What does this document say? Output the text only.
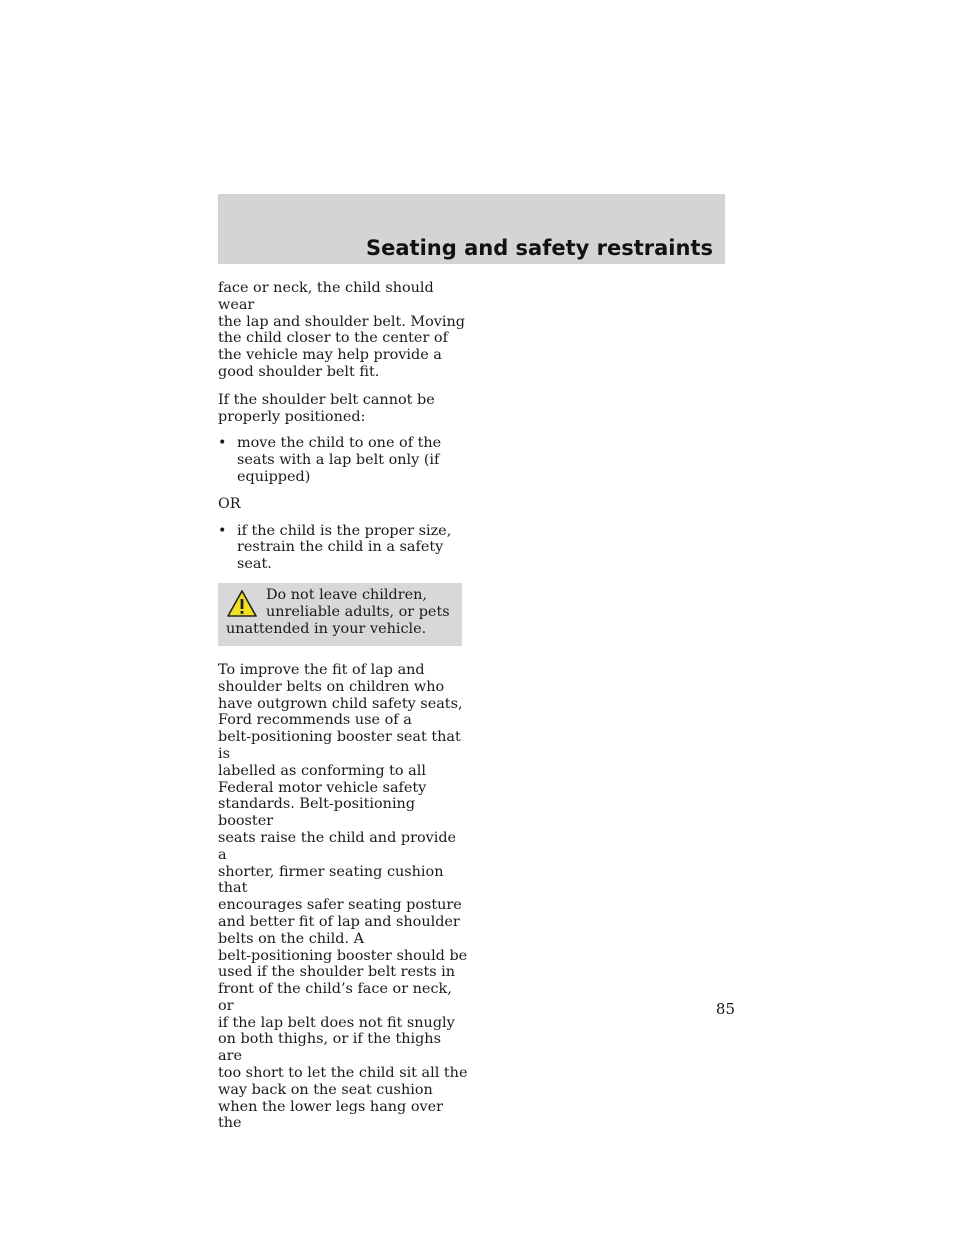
Seating and safety restraints

face or neck, the child should wear
the lap and shoulder belt. Moving
the child closer to the center of
the vehicle may help provide a
good shoulder belt fit.

If the shoulder belt cannot be
properly positioned:

• move the child to one of the
seats with a lap belt only (if
equipped)

OR

• if the child is the proper size,
restrain the child in a safety
seat.
Do not leave children,
unreliable adults, or pets
unattended in your vehicle.

To improve the fit of lap and
shoulder belts on children who
have outgrown child safety seats,
Ford recommends use of a
belt-positioning booster seat that is
labelled as conforming to all
Federal motor vehicle safety
standards. Belt-positioning booster
seats raise the child and provide a
shorter, firmer seating cushion that
encourages safer seating posture
and better fit of lap and shoulder
belts on the child. A
belt-positioning booster should be
used if the shoulder belt rests in
front of the child’s face or neck, or
if the lap belt does not fit snugly
on both thighs, or if the thighs are
too short to let the child sit all the
way back on the seat cushion
when the lower legs hang over the

85
